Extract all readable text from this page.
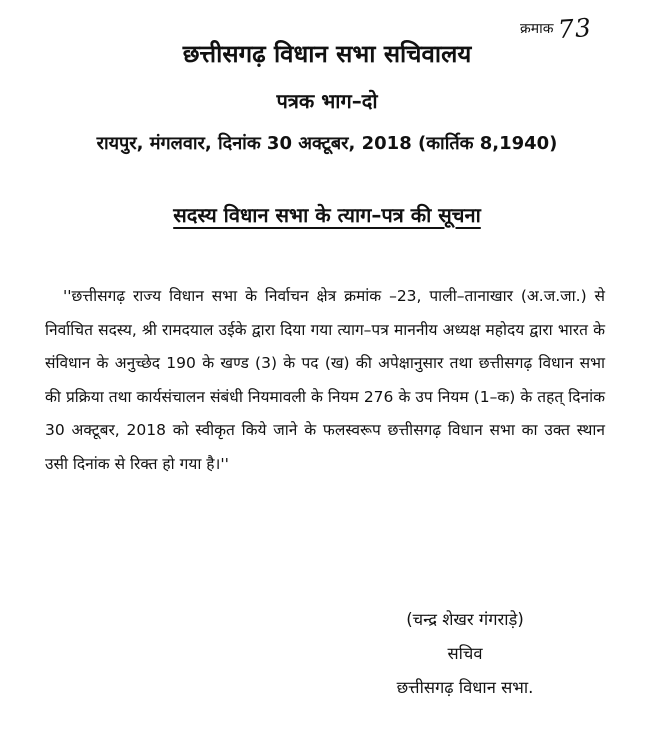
क्रमाक 73
छत्तीसगढ़ विधान सभा सचिवालय
पत्रक भाग–दो
रायपुर, मंगलवार, दिनांक 30 अक्टूबर, 2018 (कार्तिक 8,1940)
सदस्य विधान सभा के त्याग–पत्र की सूचना
''छत्तीसगढ़ राज्य विधान सभा के निर्वाचन क्षेत्र क्रमांक –23, पाली–तानाखार (अ.ज.जा.) से निर्वाचित सदस्य, श्री रामदयाल उईके द्वारा दिया गया त्याग–पत्र माननीय अध्यक्ष महोदय द्वारा भारत के संविधान के अनुच्छेद 190 के खण्ड (3) के पद (ख) की अपेक्षानुसार तथा छत्तीसगढ़ विधान सभा की प्रक्रिया तथा कार्यसंचालन संबंधी नियमावली के नियम 276 के उप नियम (1–क) के तहत् दिनांक 30 अक्टूबर, 2018 को स्वीकृत किये जाने के फलस्वरूप छत्तीसगढ़ विधान सभा का उक्त स्थान उसी दिनांक से रिक्त हो गया है।''
(चन्द्र शेखर गंगराड़े)
सचिव
छत्तीसगढ़ विधान सभा.
